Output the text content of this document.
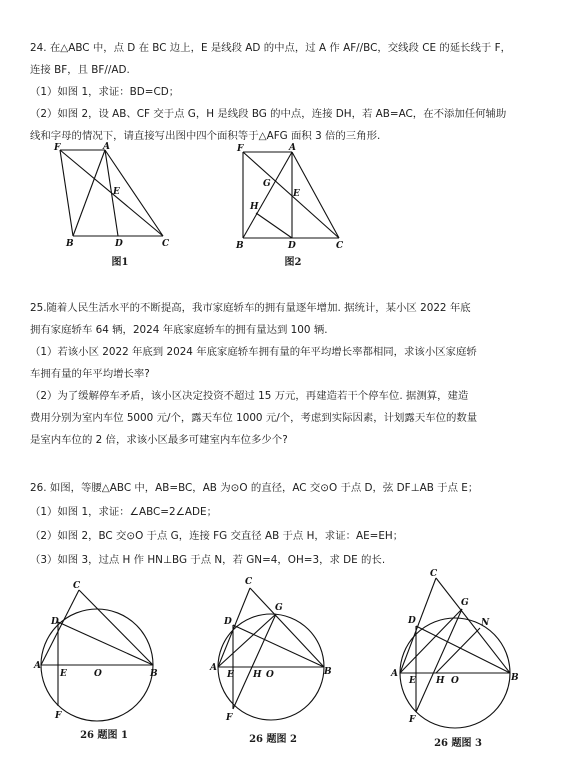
24. 在△ABC 中，点 D 在 BC 边上，E 是线段 AD 的中点，过 A 作 AF//BC，交线段 CE 的延长线于 F，
连接 BF，且 BF//AD.
（1）如图 1，求证：BD=CD；
（2）如图 2，设 AB、CF 交于点 G，H 是线段 BG 的中点，连接 DH，若 AB=AC，在不添加任何辅助
线和字母的情况下，请直接写出图中四个面积等于△AFG 面积 3 倍的三角形.
F	A
E
B	D	C
图1
F	A
G
E
H
B	D	C
图2
25.随着人民生活水平的不断提高，我市家庭轿车的拥有量逐年增加. 据统计，某小区 2022 年底
拥有家庭轿车 64 辆，2024 年底家庭轿车的拥有量达到 100 辆.
（1）若该小区 2022 年底到 2024 年底家庭轿车拥有量的年平均增长率都相同，求该小区家庭轿
车拥有量的年平均增长率?
（2）为了缓解停车矛盾，该小区决定投资不超过 15 万元，再建造若干个停车位. 据测算，建造
费用分别为室内车位 5000 元/个，露天车位 1000 元/个，考虑到实际因素，计划露天车位的数量
是室内车位的 2 倍，求该小区最多可建室内车位多少个?
26. 如图，等腰△ABC 中，AB=BC，AB 为⊙O 的直径，AC 交⊙O 于点 D，弦 DF⊥AB 于点 E；
（1）如图 1，求证：∠ABC=2∠ADE；
（2）如图 2，BC 交⊙O 于点 G，连接 FG 交直径 AB 于点 H，求证：AE=EH；
（3）如图 3，过点 H 作 HN⊥BG 于点 N，若 GN=4，OH=3，求 DE 的长.
C
D
A
E	O	B
F
26 题图 1
C
D
G
A
E H O	B
F
26 题图 2
C
D
G
N
A
E H O	B
F
26 题图 3
